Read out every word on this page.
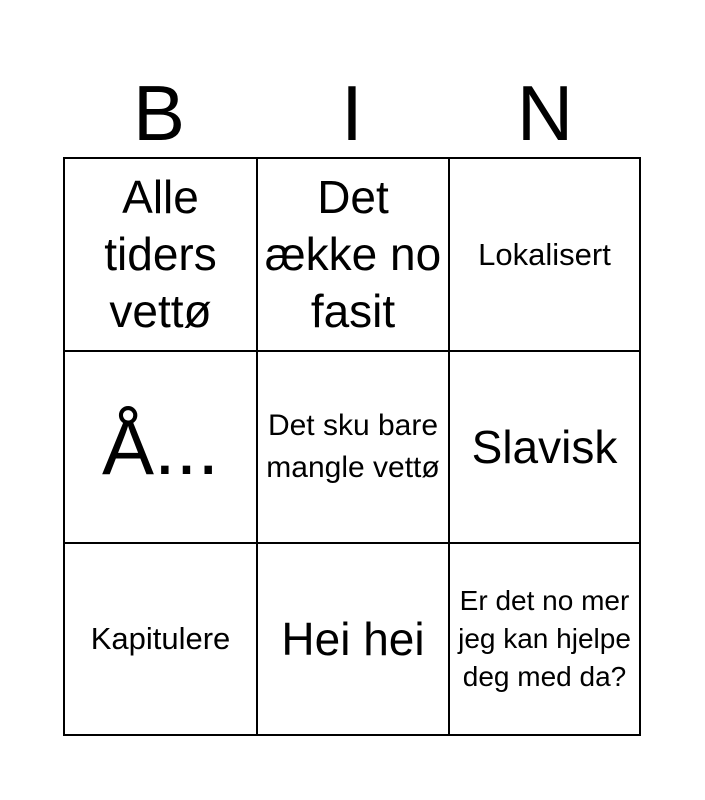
B	I	N
Alle tiders vettø
Det ække no fasit
Lokalisert
Å... Det sku bare mangle vettø Slavisk
Kapitulere Hei hei
Er det no mer jeg kan hjelpe deg med da?
